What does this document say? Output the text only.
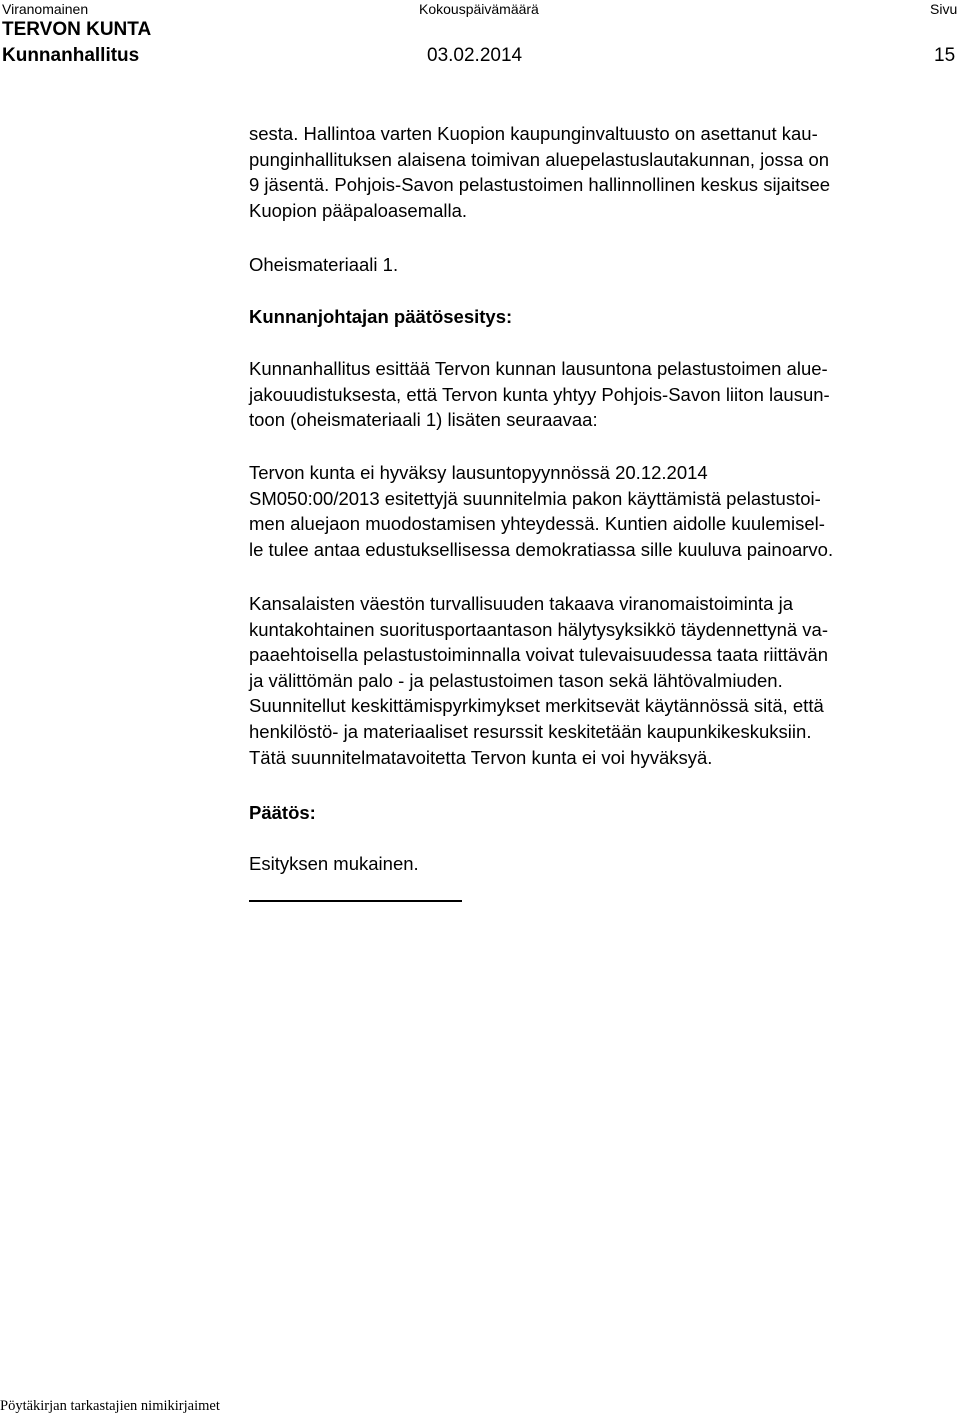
Viranomainen	Kokouspäivämäärä	Sivu
TERVON KUNTA
Kunnanhallitus	03.02.2014	15
sesta. Hallintoa varten Kuopion kaupunginvaltuusto on asettanut kau-
punginhallituksen alaisena toimivan aluepelastuslautakunnan, jossa on
9 jäsentä. Pohjois-Savon pelastustoimen hallinnollinen keskus sijaitsee
Kuopion pääpaloasemalla.
Oheismateriaali 1.
Kunnanjohtajan päätösesitys:
Kunnanhallitus esittää Tervon kunnan lausuntona pelastustoimen alue-
jakouudistuksesta, että Tervon kunta yhtyy Pohjois-Savon liiton lausun-
toon (oheismateriaali 1) lisäten seuraavaa:
Tervon kunta ei hyväksy lausuntopyynnössä 20.12.2014
SM050:00/2013 esitettyjä suunnitelmia pakon käyttämistä pelastustoi-
men aluejaon muodostamisen yhteydessä. Kuntien aidolle kuulemisel-
le tulee antaa edustuksellisessa demokratiassa sille kuuluva painoarvo.
Kansalaisten väestön turvallisuuden takaava viranomaistoiminta ja
kuntakohtainen suoritusportaantason hälytysyksikkö täydennettynä va-
paaehtoisella pelastustoiminnalla voivat tulevaisuudessa taata riittävän
ja välittömän palo - ja pelastustoimen tason sekä lähtövalmiuden.
Suunnitellut keskittämispyrkimykset merkitsevät käytännössä sitä, että
henkilöstö- ja materiaaliset resurssit keskitetään kaupunkikeskuksiin.
Tätä suunnitelmatavoitetta Tervon kunta ei voi hyväksyä.
Päätös:
Esityksen mukainen.
Pöytäkirjan tarkastajien nimikirjaimet
